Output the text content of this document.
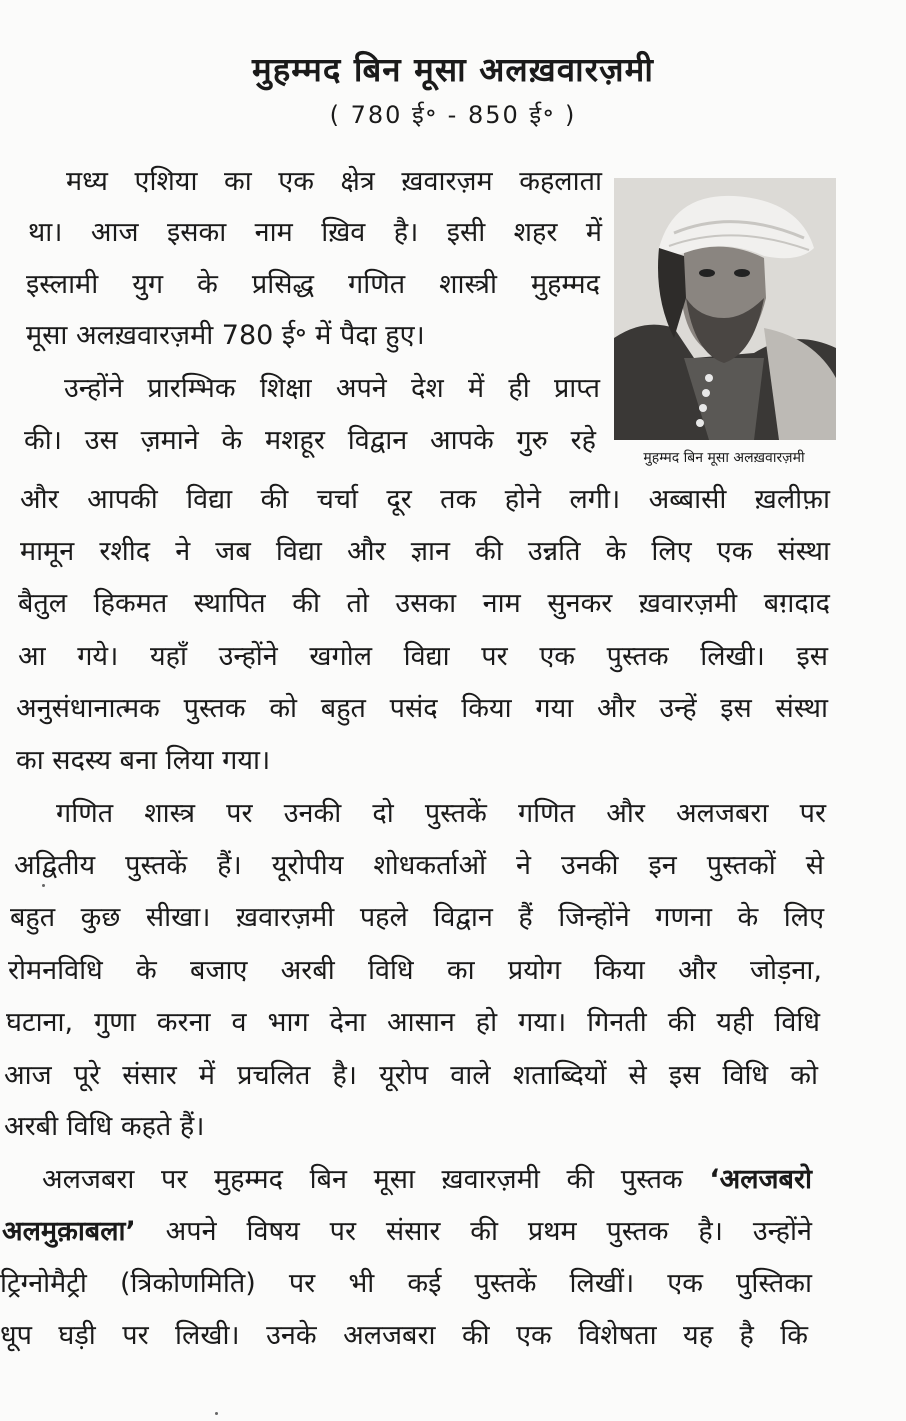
मुहम्मद बिन मूसा अलख़वारज़मी
( 780 ई॰ - 850 ई॰ )
मध्य एशिया का एक क्षेत्र ख़वारज़म कहलाता
था। आज इसका नाम ख़िव है। इसी शहर में
इस्लामी युग के प्रसिद्ध गणित शास्त्री मुहम्मद
मूसा अलख़वारज़मी 780 ई॰ में पैदा हुए।
उन्होंने प्रारम्भिक शिक्षा अपने देश में ही प्राप्त
की। उस ज़माने के मशहूर विद्वान आपके गुरु रहे
और आपकी विद्या की चर्चा दूर तक होने लगी। अब्बासी ख़लीफ़ा
मामून रशीद ने जब विद्या और ज्ञान की उन्नति के लिए एक संस्था
बैतुल हिकमत स्थापित की तो उसका नाम सुनकर ख़वारज़मी बग़दाद
आ गये। यहाँ उन्होंने खगोल विद्या पर एक पुस्तक लिखी। इस
अनुसंधानात्मक पुस्तक को बहुत पसंद किया गया और उन्हें इस संस्था
का सदस्य बना लिया गया।
गणित शास्त्र पर उनकी दो पुस्तकें गणित और अलजबरा पर
अद्वितीय पुस्तकें हैं। यूरोपीय शोधकर्ताओं ने उनकी इन पुस्तकों से
बहुत कुछ सीखा। ख़वारज़मी पहले विद्वान हैं जिन्होंने गणना के लिए
रोमनविधि के बजाए अरबी विधि का प्रयोग किया और जोड़ना,
घटाना, गुणा करना व भाग देना आसान हो गया। गिनती की यही विधि
आज पूरे संसार में प्रचलित है। यूरोप वाले शताब्दियों से इस विधि को
अरबी विधि कहते हैं।
अलजबरा पर मुहम्मद बिन मूसा ख़वारज़मी की पुस्तक ‘अलजबरो
अलमुक़ाबला’ अपने विषय पर संसार की प्रथम पुस्तक है। उन्होंने
ट्रिग्नोमैट्री (त्रिकोणमिति) पर भी कई पुस्तकें लिखीं। एक पुस्तिका
धूप घड़ी पर लिखी। उनके अलजबरा की एक विशेषता यह है कि
मुहम्मद बिन मूसा अलख़वारज़मी
